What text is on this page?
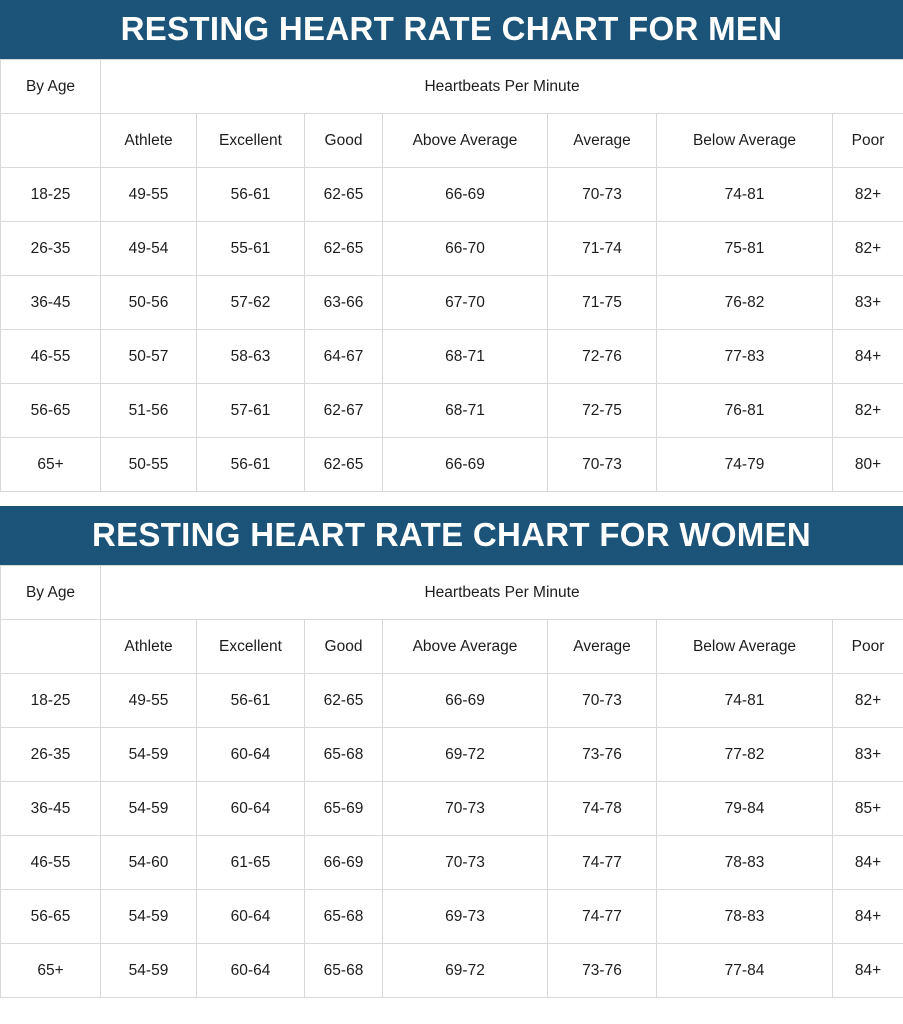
RESTING HEART RATE CHART FOR MEN
By Age	Heartbeats Per Minute						
	Athlete	Excellent	Good	Above Average	Average	Below Average	Poor
18-25	49-55	56-61	62-65	66-69	70-73	74-81	82+
26-35	49-54	55-61	62-65	66-70	71-74	75-81	82+
36-45	50-56	57-62	63-66	67-70	71-75	76-82	83+
46-55	50-57	58-63	64-67	68-71	72-76	77-83	84+
56-65	51-56	57-61	62-67	68-71	72-75	76-81	82+
65+	50-55	56-61	62-65	66-69	70-73	74-79	80+
RESTING HEART RATE CHART FOR WOMEN
By Age	Heartbeats Per Minute						
	Athlete	Excellent	Good	Above Average	Average	Below Average	Poor
18-25	49-55	56-61	62-65	66-69	70-73	74-81	82+
26-35	54-59	60-64	65-68	69-72	73-76	77-82	83+
36-45	54-59	60-64	65-69	70-73	74-78	79-84	85+
46-55	54-60	61-65	66-69	70-73	74-77	78-83	84+
56-65	54-59	60-64	65-68	69-73	74-77	78-83	84+
65+	54-59	60-64	65-68	69-72	73-76	77-84	84+
